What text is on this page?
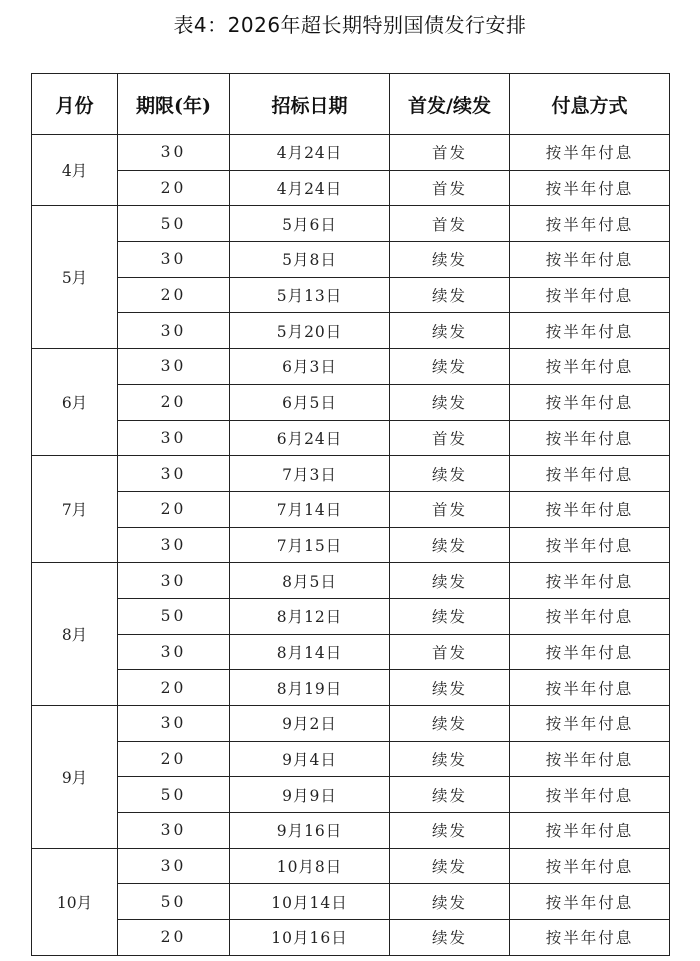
表4：2026年超长期特别国债发行安排
月份	期限(年)	招标日期	首发/续发	付息方式
4月	30	4月24日	首发	按半年付息
	20	4月24日	首发	按半年付息
5月	50	5月6日	首发	按半年付息
	30	5月8日	续发	按半年付息
	20	5月13日	续发	按半年付息
	30	5月20日	续发	按半年付息
6月	30	6月3日	续发	按半年付息
	20	6月5日	续发	按半年付息
	30	6月24日	首发	按半年付息
7月	30	7月3日	续发	按半年付息
	20	7月14日	首发	按半年付息
	30	7月15日	续发	按半年付息
8月	30	8月5日	续发	按半年付息
	50	8月12日	续发	按半年付息
	30	8月14日	首发	按半年付息
	20	8月19日	续发	按半年付息
9月	30	9月2日	续发	按半年付息
	20	9月4日	续发	按半年付息
	50	9月9日	续发	按半年付息
	30	9月16日	续发	按半年付息
10月	30	10月8日	续发	按半年付息
	50	10月14日	续发	按半年付息
	20	10月16日	续发	按半年付息
